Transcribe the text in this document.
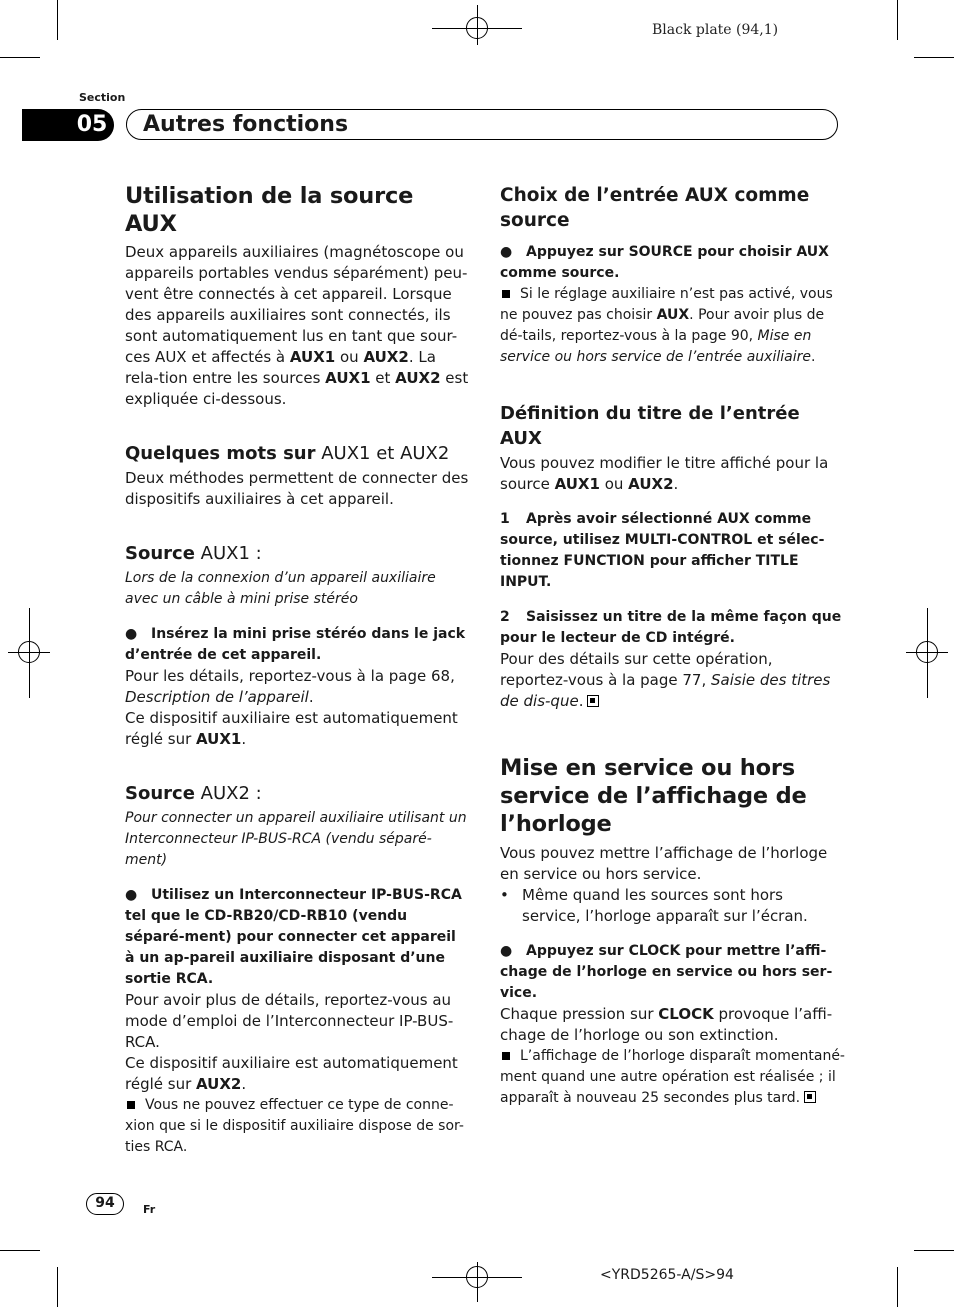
Black plate (94,1)
Section
05	Autres fonctions
Utilisation de la source AUX

Deux appareils auxiliaires (magnétoscope ou appareils portables vendus séparément) peu-vent être connectés à cet appareil. Lorsque des appareils auxiliaires sont connectés, ils sont automatiquement lus en tant que sour-ces AUX et affectés à AUX1 ou AUX2. La rela-tion entre les sources AUX1 et AUX2 est expliquée ci-dessous.

Quelques mots sur AUX1 et AUX2

Deux méthodes permettent de connecter des dispositifs auxiliaires à cet appareil.

Source AUX1 :

Lors de la connexion d’un appareil auxiliaire avec un câble à mini prise stéréo

● Insérez la mini prise stéréo dans le jack d’entrée de cet appareil.

Pour les détails, reportez-vous à la page 68,
Description de l’appareil.

Ce dispositif auxiliaire est automatiquement réglé sur AUX1.

Source AUX2 :

Pour connecter un appareil auxiliaire utilisant un Interconnecteur IP-BUS-RCA (vendu séparé-ment)

● Utilisez un Interconnecteur IP-BUS-RCA tel que le CD-RB20/CD-RB10 (vendu séparé-ment) pour connecter cet appareil à un ap-pareil auxiliaire disposant d’une sortie RCA.

Pour avoir plus de détails, reportez-vous au mode d’emploi de l’Interconnecteur IP-BUS-RCA.

Ce dispositif auxiliaire est automatiquement réglé sur AUX2.

Vous ne pouvez effectuer ce type de conne-xion que si le dispositif auxiliaire dispose de sor-ties RCA.

Choix de l’entrée AUX comme source

● Appuyez sur SOURCE pour choisir AUX comme source.

Si le réglage auxiliaire n’est pas activé, vous ne pouvez pas choisir AUX. Pour avoir plus de dé-tails, reportez-vous à la page 90, Mise en service ou hors service de l’entrée auxiliaire.

Définition du titre de l’entrée AUX

Vous pouvez modifier le titre affiché pour la source AUX1 ou AUX2.

1 Après avoir sélectionné AUX comme source, utilisez MULTI-CONTROL et sélec-tionnez FUNCTION pour afficher TITLE INPUT.

2 Saisissez un titre de la même façon que pour le lecteur de CD intégré.

Pour des détails sur cette opération, reportez-vous à la page 77, Saisie des titres de dis-que.

Mise en service ou hors service de l’affichage de l’horloge

Vous pouvez mettre l’affichage de l’horloge en service ou hors service.

• Même quand les sources sont hors service, l’horloge apparaît sur l’écran.

● Appuyez sur CLOCK pour mettre l’affi-chage de l’horloge en service ou hors ser-vice.

Chaque pression sur CLOCK provoque l’affi-chage de l’horloge ou son extinction.

L’affichage de l’horloge disparaît momentané-ment quand une autre opération est réalisée ; il apparaît à nouveau 25 secondes plus tard.

94	Fr
<YRD5265-A/S>94
